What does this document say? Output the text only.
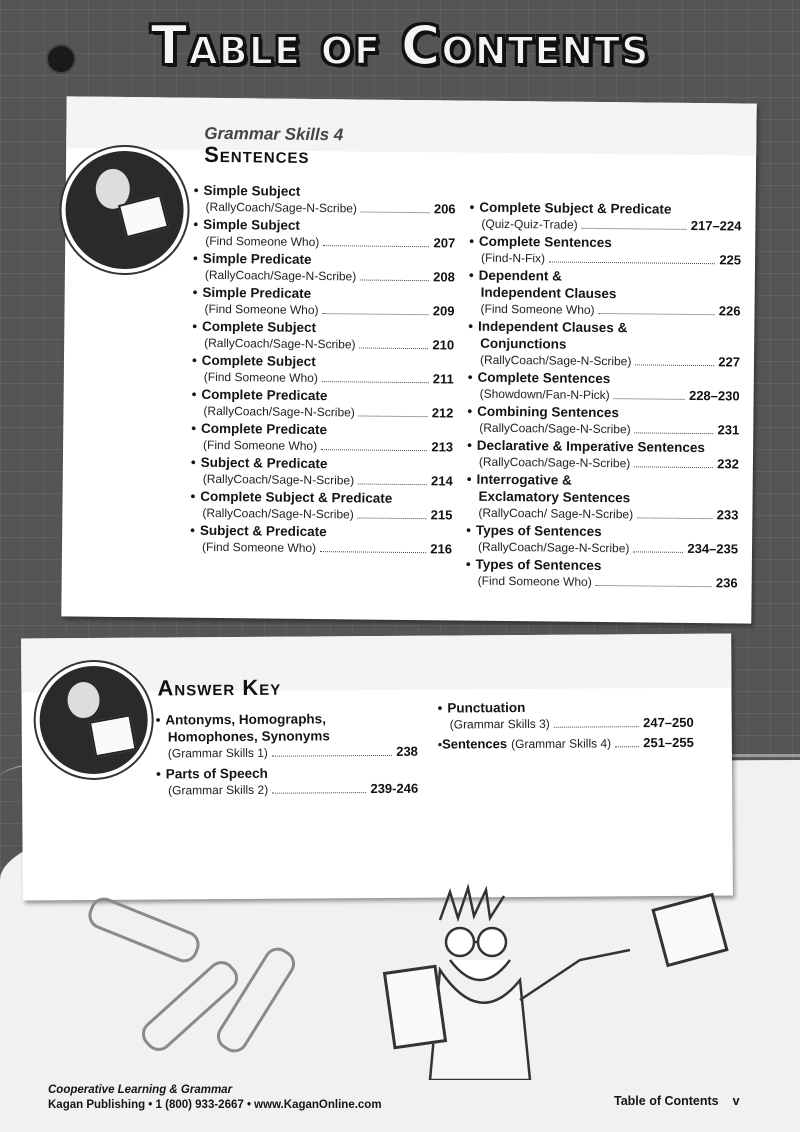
Table of Contents
Grammar Skills 4
Sentences
• Simple Subject
(RallyCoach/Sage-N-Scribe)	206
• Simple Subject
(Find Someone Who)	207
• Simple Predicate
(RallyCoach/Sage-N-Scribe)	208
• Simple Predicate
(Find Someone Who)	209
• Complete Subject
(RallyCoach/Sage-N-Scribe)	210
• Complete Subject
(Find Someone Who)	211
• Complete Predicate
(RallyCoach/Sage-N-Scribe)	212
• Complete Predicate
(Find Someone Who)	213
• Subject & Predicate
(RallyCoach/Sage-N-Scribe)	214
• Complete Subject & Predicate
(RallyCoach/Sage-N-Scribe)	215
• Subject & Predicate
(Find Someone Who)	216
• Complete Subject & Predicate
(Quiz-Quiz-Trade)	217–224
• Complete Sentences
(Find-N-Fix)	225
• Dependent &
Independent Clauses
(Find Someone Who)	226
• Independent Clauses &
Conjunctions
(RallyCoach/Sage-N-Scribe)	227
• Complete Sentences
(Showdown/Fan-N-Pick)	228–230
• Combining Sentences
(RallyCoach/Sage-N-Scribe)	231
• Declarative & Imperative Sentences
(RallyCoach/Sage-N-Scribe)	232
• Interrogative &
Exclamatory Sentences
(RallyCoach/ Sage-N-Scribe)	233
• Types of Sentences
(RallyCoach/Sage-N-Scribe)	234–235
• Types of Sentences
(Find Someone Who)	236
Answer Key
• Antonyms, Homographs,
Homophones, Synonyms
(Grammar Skills 1)	238
• Parts of Speech
(Grammar Skills 2)	239-246
• Punctuation
(Grammar Skills 3)	247–250
• Sentences (Grammar Skills 4) 251–255
Cooperative Learning & Grammar
Kagan Publishing • 1 (800) 933-2667 • www.KaganOnline.com	Table of Contents v
